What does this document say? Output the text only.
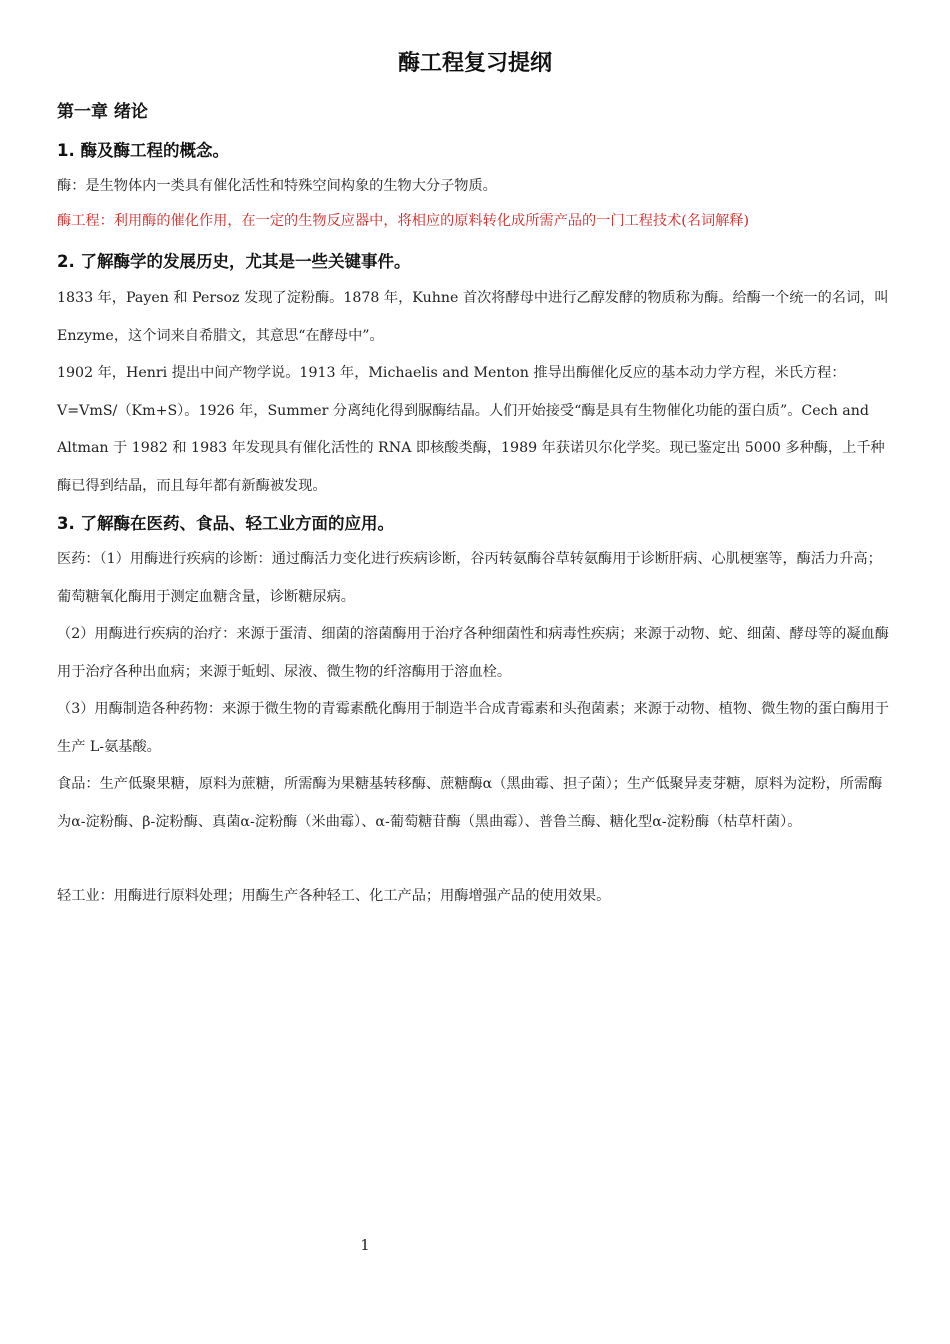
酶工程复习提纲
第一章 绪论
1. 酶及酶工程的概念。
酶：是生物体内一类具有催化活性和特殊空间构象的生物大分子物质。
酶工程：利用酶的催化作用，在一定的生物反应器中，将相应的原料转化成所需产品的一门工程技术(名词解释)
2. 了解酶学的发展历史，尤其是一些关键事件。
1833 年，Payen 和 Persoz 发现了淀粉酶。1878 年，Kuhne 首次将酵母中进行乙醇发酵的物质称为酶。给酶一个统一的名词，叫 Enzyme，这个词来自希腊文，其意思“在酵母中”。
1902 年，Henri 提出中间产物学说。1913 年，Michaelis and Menton 推导出酶催化反应的基本动力学方程，米氏方程：V=VmS/（Km+S）。1926 年，Summer 分离纯化得到脲酶结晶。人们开始接受“酶是具有生物催化功能的蛋白质”。Cech and Altman 于 1982 和 1983 年发现具有催化活性的 RNA 即核酸类酶，1989 年获诺贝尔化学奖。现已鉴定出 5000 多种酶，上千种酶已得到结晶，而且每年都有新酶被发现。
3. 了解酶在医药、食品、轻工业方面的应用。
医药：（1）用酶进行疾病的诊断：通过酶活力变化进行疾病诊断，谷丙转氨酶谷草转氨酶用于诊断肝病、心肌梗塞等，酶活力升高；葡萄糖氧化酶用于测定血糖含量，诊断糖尿病。
（2）用酶进行疾病的治疗：来源于蛋清、细菌的溶菌酶用于治疗各种细菌性和病毒性疾病；来源于动物、蛇、细菌、酵母等的凝血酶用于治疗各种出血病；来源于蚯蚓、尿液、微生物的纤溶酶用于溶血栓。
（3）用酶制造各种药物：来源于微生物的青霉素酰化酶用于制造半合成青霉素和头孢菌素；来源于动物、植物、微生物的蛋白酶用于生产 L-氨基酸。
食品：生产低聚果糖，原料为蔗糖，所需酶为果糖基转移酶、蔗糖酶α（黑曲霉、担子菌）；生产低聚异麦芽糖，原料为淀粉，所需酶为α-淀粉酶、β-淀粉酶、真菌α-淀粉酶（米曲霉）、α-葡萄糖苷酶（黑曲霉）、普鲁兰酶、糖化型α-淀粉酶（枯草杆菌）。
轻工业：用酶进行原料处理；用酶生产各种轻工、化工产品；用酶增强产品的使用效果。
1
